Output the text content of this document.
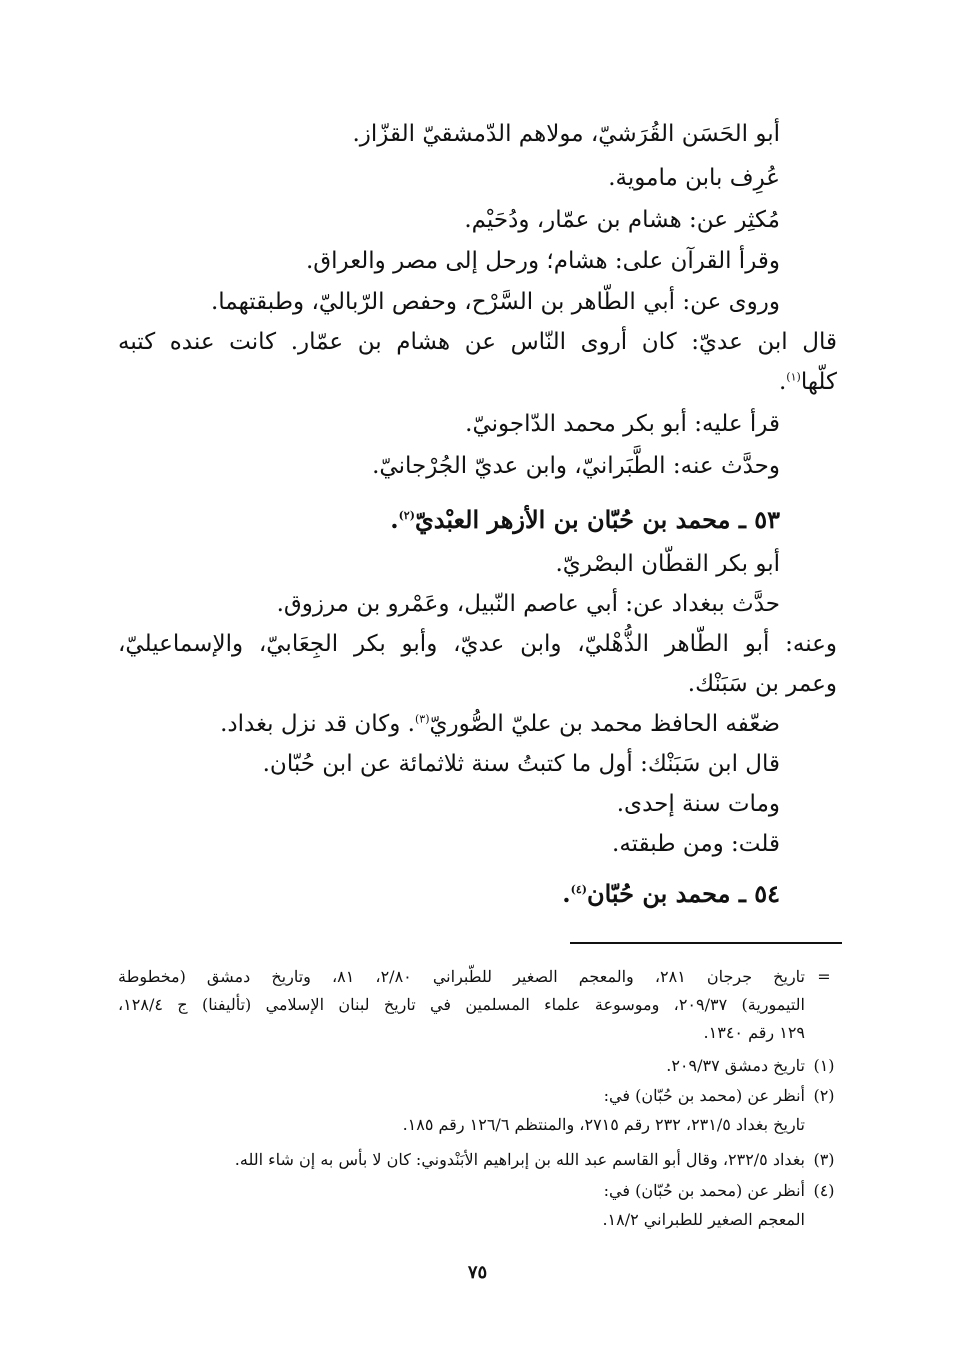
أبو الحَسَن القُرَشيّ، مولاهم الدّمشقيّ القزّاز.
عُرِف بابن ماموية.
مُكثِر عن: هشام بن عمّار، ودُحَيْم.
وقرأ القرآن على: هشام؛ ورحل إلى مصر والعراق.
وروى عن: أبي الطّاهر بن السَّرْح، وحفص الرّباليّ، وطبقتهما.
قال ابن عديّ: كان أروى النّاس عن هشام بن عمّار. كانت عنده كتبه
كلّها$^{(١)}$.
قرأ عليه: أبو بكر محمد الدّاجونيّ.
وحدَّث عنه: الطَّبَرانيّ، وابن عديّ الجُرْجانيّ.
٥٣ ـ محمد بن حُبّان بن الأزهر العبْديّ$^{(٢)}$.
أبو بكر القطّان البصْريّ.
حدَّث ببغداد عن: أبي عاصم النّبيل، وعَمْرو بن مرزوق.
وعنه: أبو الطّاهر الذُّهْليّ، وابن عديّ، وأبو بكر الجِعَابيّ، والإسماعيليّ،
وعمر بن سَبَنْك.
ضعّفه الحافظ محمد بن عليّ الصُّوريّ$^{(٣)}$. وكان قد نزل بغداد.
قال ابن سَبَنْك: أول ما كتبتُ سنة ثلاثمائة عن ابن حُبّان.
ومات سنة إحدى.
قلت: ومن طبقته.
٥٤ ـ محمد بن حُبّان$^{(٤)}$.
=
تاريخ جرجان ٢٨١، والمعجم الصغير للطّبراني ٢/٨٠، ٨١، وتاريخ دمشق (مخطوطة
التيمورية) ٢٠٩/٣٧، وموسوعة علماء المسلمين في تاريخ لبنان الإسلامي (تأليفنا) ج ١٢٨/٤،
١٢٩ رقم ١٣٤٠.
(١)
تاريخ دمشق ٢٠٩/٣٧.
(٢)
أنظر عن (محمد بن حُبّان) في:
تاريخ بغداد ٢٣١/٥، ٢٣٢ رقم ٢٧١٥، والمنتظم ١٢٦/٦ رقم ١٨٥.
(٣)
بغداد ٢٣٢/٥، وقال أبو القاسم عبد الله بن إبراهيم الأبَنْدوني: كان لا بأس به إن شاء الله.
(٤)
أنظر عن (محمد بن حُبّان) في:
المعجم الصغير للطبراني ١٨/٢.
٧٥
